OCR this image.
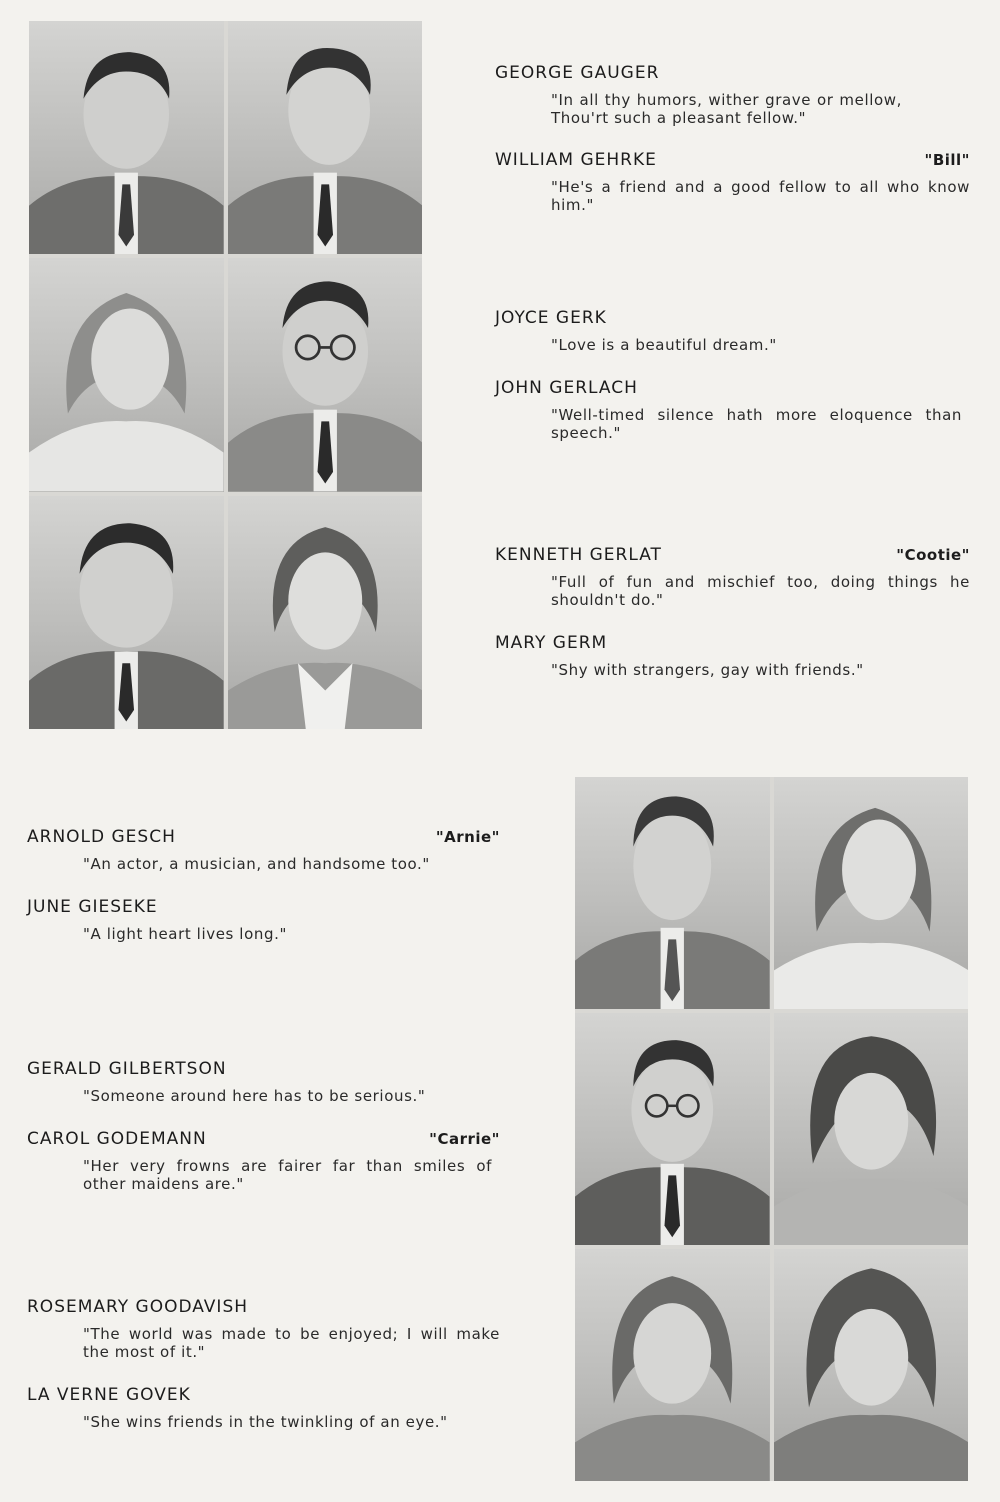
GEORGE GAUGER
"In all thy humors, wither grave or mellow, Thou'rt such a pleasant fellow."
WILLIAM GEHRKE	"Bill"
"He's a friend and a good fellow to all who know him."
JOYCE GERK
"Love is a beautiful dream."
JOHN GERLACH
"Well-timed silence hath more eloquence than speech."
KENNETH GERLAT	"Cootie"
"Full of fun and mischief too, doing things he shouldn't do."
MARY GERM
"Shy with strangers, gay with friends."
ARNOLD GESCH	"Arnie"
"An actor, a musician, and handsome too."
JUNE GIESEKE
"A light heart lives long."
GERALD GILBERTSON
"Someone around here has to be serious."
CAROL GODEMANN	"Carrie"
"Her very frowns are fairer far than smiles of other maidens are."
ROSEMARY GOODAVISH
"The world was made to be enjoyed; I will make the most of it."
LA VERNE GOVEK
"She wins friends in the twinkling of an eye."
